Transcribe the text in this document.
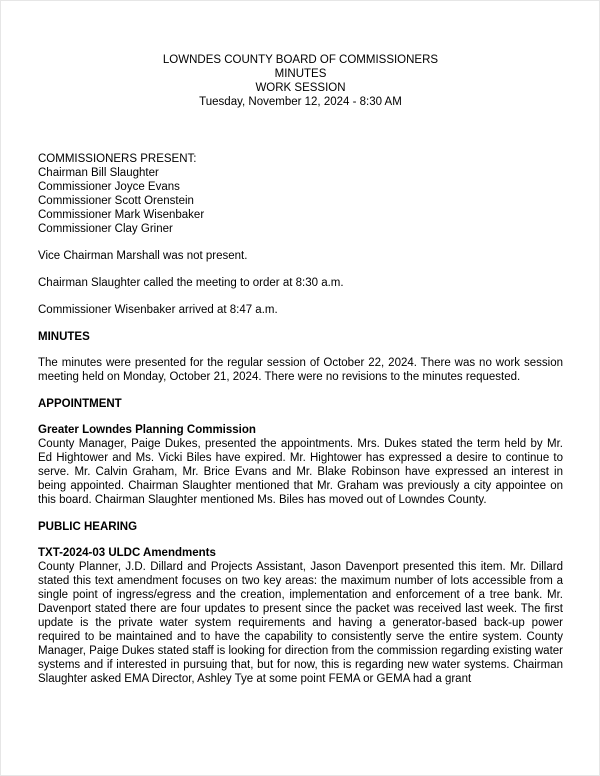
LOWNDES COUNTY BOARD OF COMMISSIONERS
MINUTES
WORK SESSION
Tuesday, November 12, 2024 - 8:30 AM
COMMISSIONERS PRESENT:
Chairman Bill Slaughter
Commissioner Joyce Evans
Commissioner Scott Orenstein
Commissioner Mark Wisenbaker
Commissioner Clay Griner

Vice Chairman Marshall was not present.

Chairman Slaughter called the meeting to order at 8:30 a.m.

Commissioner Wisenbaker arrived at 8:47 a.m.

MINUTES

The minutes were presented for the regular session of October 22, 2024. There was no work session meeting held on Monday, October 21, 2024. There were no revisions to the minutes requested.

APPOINTMENT
Greater Lowndes Planning Commission

County Manager, Paige Dukes, presented the appointments. Mrs. Dukes stated the term held by Mr. Ed Hightower and Ms. Vicki Biles have expired. Mr. Hightower has expressed a desire to continue to serve. Mr. Calvin Graham, Mr. Brice Evans and Mr. Blake Robinson have expressed an interest in being appointed. Chairman Slaughter mentioned that Mr. Graham was previously a city appointee on this board. Chairman Slaughter mentioned Ms. Biles has moved out of Lowndes County.

PUBLIC HEARING
TXT-2024-03 ULDC Amendments

County Planner, J.D. Dillard and Projects Assistant, Jason Davenport presented this item. Mr. Dillard stated this text amendment focuses on two key areas: the maximum number of lots accessible from a single point of ingress/egress and the creation, implementation and enforcement of a tree bank. Mr. Davenport stated there are four updates to present since the packet was received last week. The first update is the private water system requirements and having a generator-based back-up power required to be maintained and to have the capability to consistently serve the entire system. County Manager, Paige Dukes stated staff is looking for direction from the commission regarding existing water systems and if interested in pursuing that, but for now, this is regarding new water systems. Chairman Slaughter asked EMA Director, Ashley Tye at some point FEMA or GEMA had a grant
